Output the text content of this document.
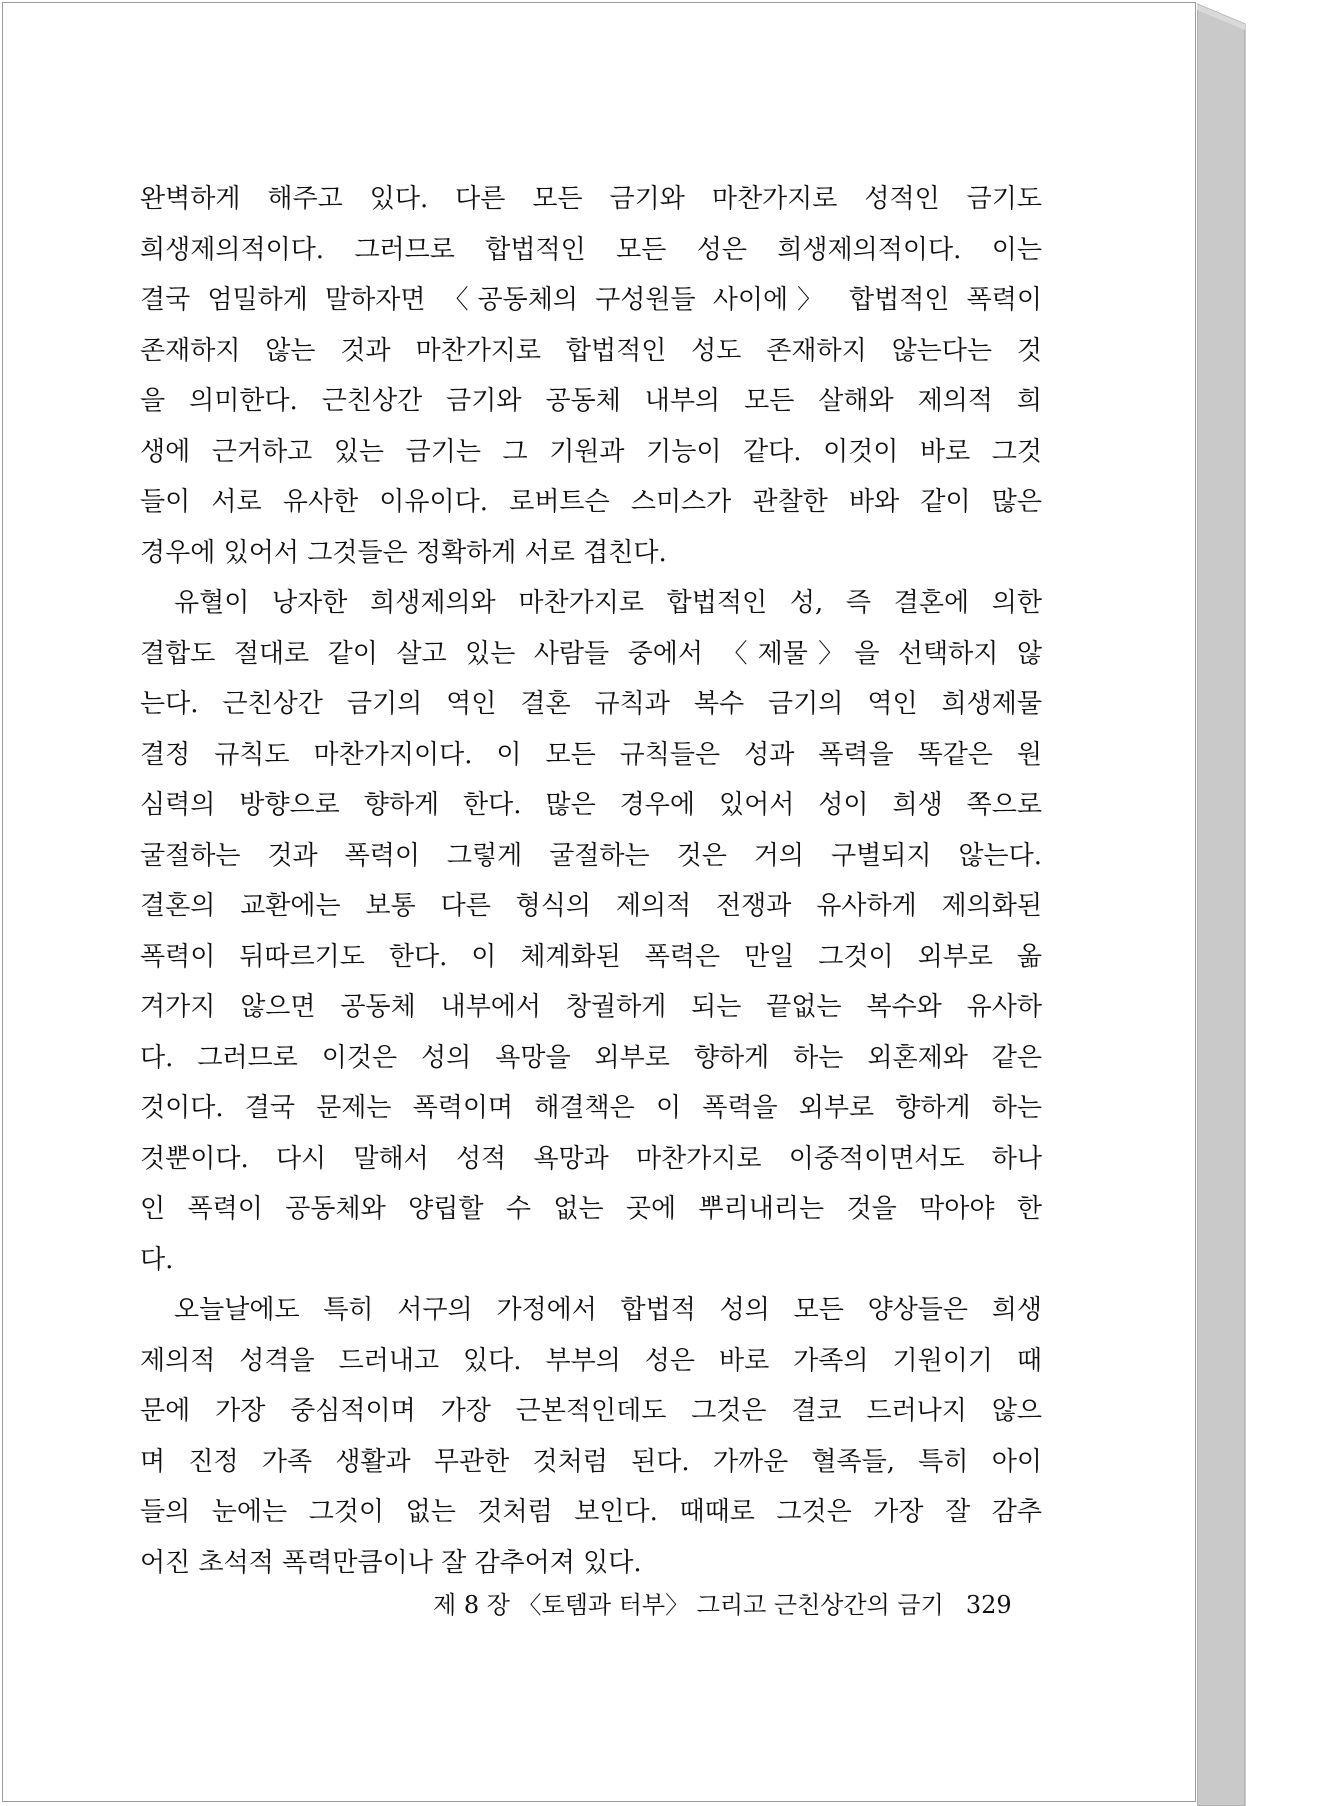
완벽하게 해주고 있다. 다른 모든 금기와 마찬가지로 성적인 금기도
희생제의적이다. 그러므로 합법적인 모든 성은 희생제의적이다. 이는
결국 엄밀하게 말하자면 〈공동체의 구성원들 사이에〉 합법적인 폭력이
존재하지 않는 것과 마찬가지로 합법적인 성도 존재하지 않는다는 것
을 의미한다. 근친상간 금기와 공동체 내부의 모든 살해와 제의적 희
생에 근거하고 있는 금기는 그 기원과 기능이 같다. 이것이 바로 그것
들이 서로 유사한 이유이다. 로버트슨 스미스가 관찰한 바와 같이 많은
경우에 있어서 그것들은 정확하게 서로 겹친다.
유혈이 낭자한 희생제의와 마찬가지로 합법적인 성, 즉 결혼에 의한
결합도 절대로 같이 살고 있는 사람들 중에서 〈제물〉을 선택하지 않
는다. 근친상간 금기의 역인 결혼 규칙과 복수 금기의 역인 희생제물
결정 규칙도 마찬가지이다. 이 모든 규칙들은 성과 폭력을 똑같은 원
심력의 방향으로 향하게 한다. 많은 경우에 있어서 성이 희생 쪽으로
굴절하는 것과 폭력이 그렇게 굴절하는 것은 거의 구별되지 않는다.
결혼의 교환에는 보통 다른 형식의 제의적 전쟁과 유사하게 제의화된
폭력이 뒤따르기도 한다. 이 체계화된 폭력은 만일 그것이 외부로 옮
겨가지 않으면 공동체 내부에서 창궐하게 되는 끝없는 복수와 유사하
다. 그러므로 이것은 성의 욕망을 외부로 향하게 하는 외혼제와 같은
것이다. 결국 문제는 폭력이며 해결책은 이 폭력을 외부로 향하게 하는
것뿐이다. 다시 말해서 성적 욕망과 마찬가지로 이중적이면서도 하나
인 폭력이 공동체와 양립할 수 없는 곳에 뿌리내리는 것을 막아야 한
다.
오늘날에도 특히 서구의 가정에서 합법적 성의 모든 양상들은 희생
제의적 성격을 드러내고 있다. 부부의 성은 바로 가족의 기원이기 때
문에 가장 중심적이며 가장 근본적인데도 그것은 결코 드러나지 않으
며 진정 가족 생활과 무관한 것처럼 된다. 가까운 혈족들, 특히 아이
들의 눈에는 그것이 없는 것처럼 보인다. 때때로 그것은 가장 잘 감추
어진 초석적 폭력만큼이나 잘 감추어져 있다.
제 8 장 〈토템과 터부〉 그리고 근친상간의 금기 329
